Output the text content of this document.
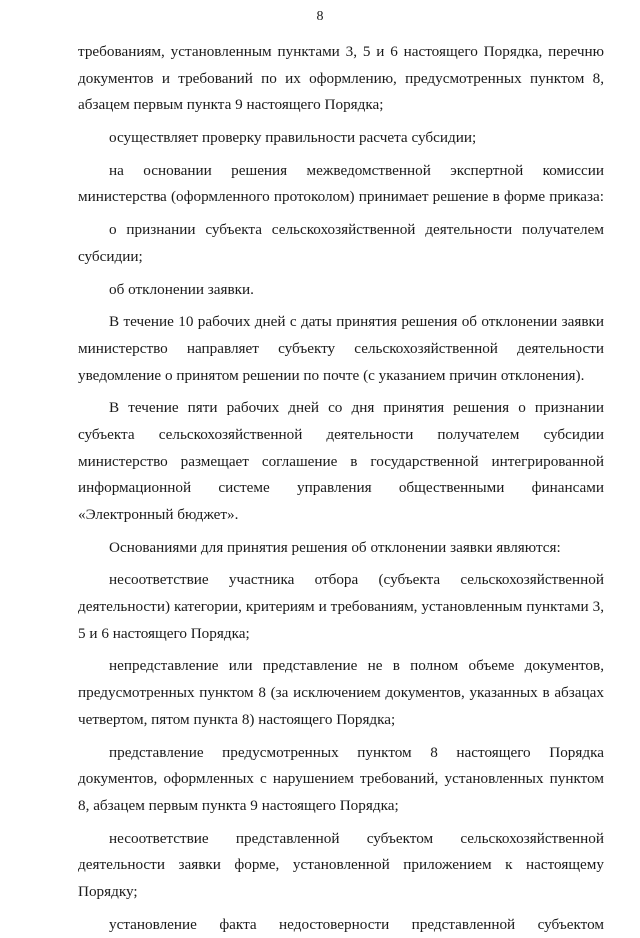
8
требованиям, установленным пунктами 3, 5 и 6 настоящего Порядка, перечню
документов и требований по их оформлению, предусмотренных пунктом 8,
абзацем первым пункта 9 настоящего Порядка;
осуществляет проверку правильности расчета субсидии;
на основании решения межведомственной экспертной комиссии
министерства (оформленного протоколом) принимает решение в форме приказа:
о признании субъекта сельскохозяйственной деятельности получателем
субсидии;
об отклонении заявки.
В течение 10 рабочих дней с даты принятия решения об отклонении заявки
министерство направляет субъекту сельскохозяйственной деятельности
уведомление о принятом решении по почте (с указанием причин отклонения).
В течение пяти рабочих дней со дня принятия решения о признании
субъекта сельскохозяйственной деятельности получателем субсидии
министерство размещает соглашение в государственной интегрированной
информационной системе управления общественными финансами
«Электронный бюджет».
Основаниями для принятия решения об отклонении заявки являются:
несоответствие участника отбора (субъекта сельскохозяйственной
деятельности) категории, критериям и требованиям, установленным пунктами 3,
5 и 6 настоящего Порядка;
непредставление или представление не в полном объеме документов,
предусмотренных пунктом 8 (за исключением документов, указанных в абзацах
четвертом, пятом пункта 8) настоящего Порядка;
представление предусмотренных пунктом 8 настоящего Порядка
документов, оформленных с нарушением требований, установленных пунктом
8, абзацем первым пункта 9 настоящего Порядка;
несоответствие представленной субъектом сельскохозяйственной
деятельности заявки форме, установленной приложением к настоящему
Порядку;
установление факта недостоверности представленной субъектом
